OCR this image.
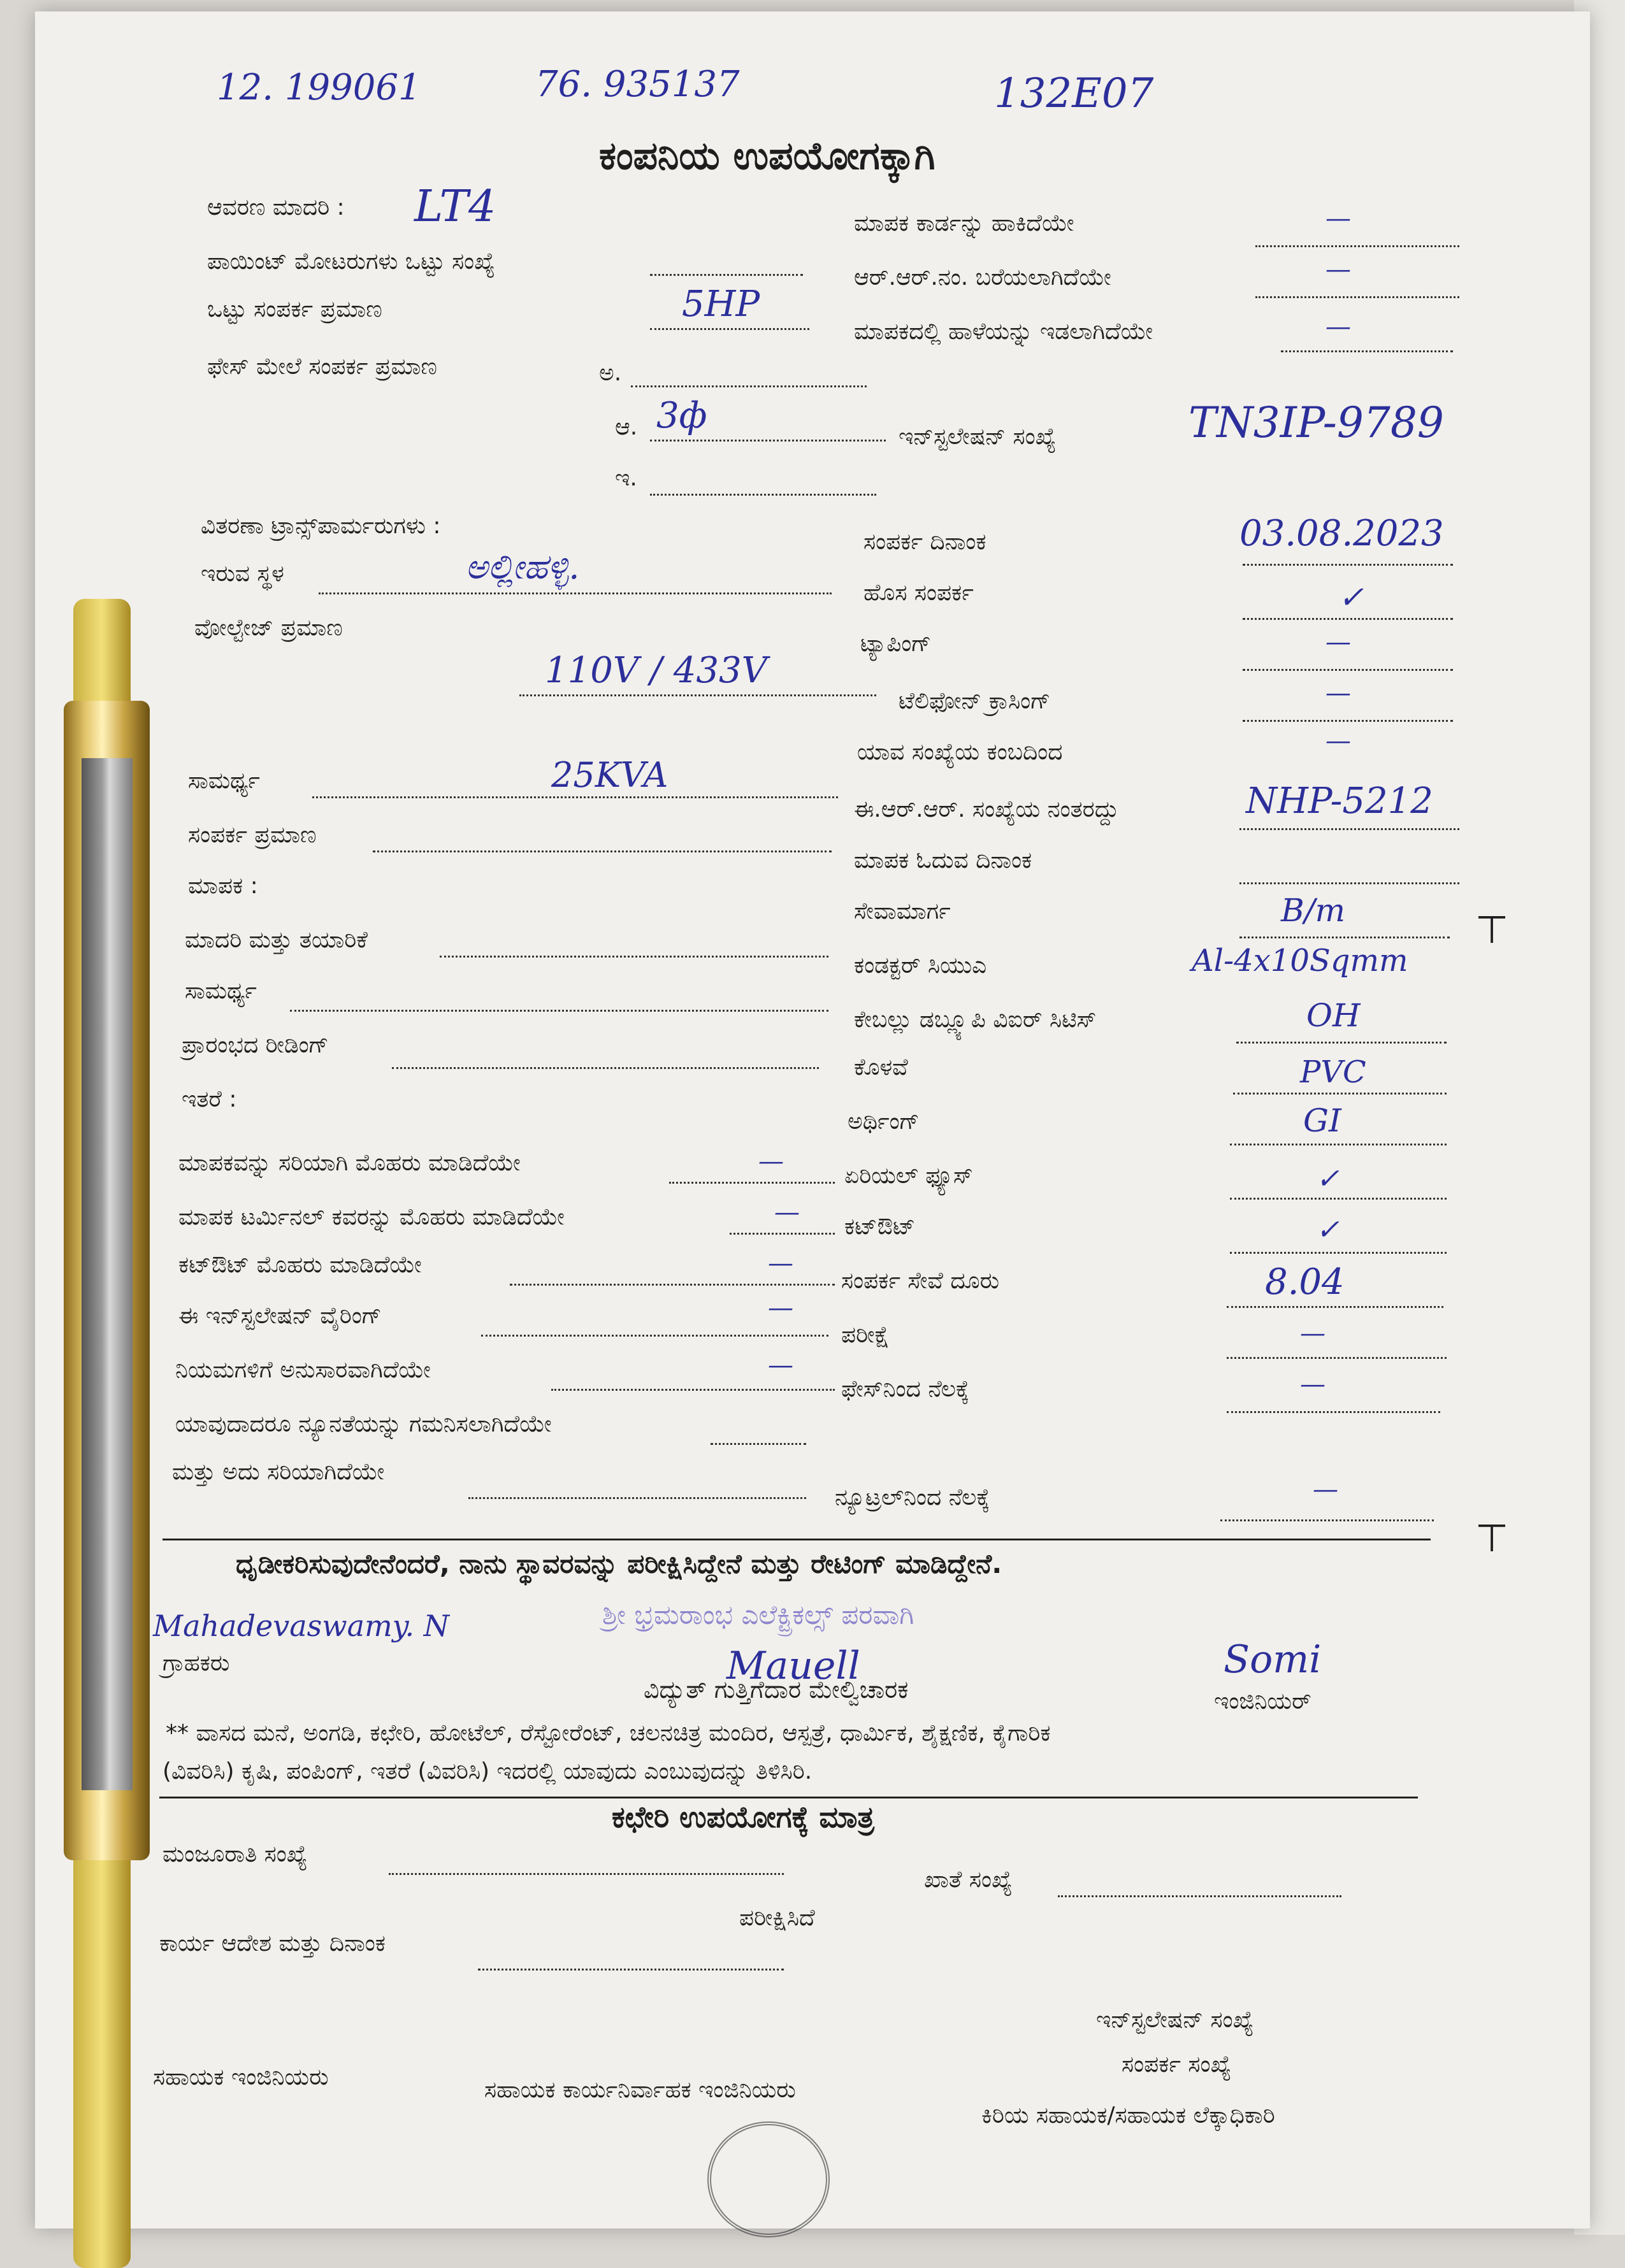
12. 199061	76. 935137	132E07
ಕಂಪನಿಯ ಉಪಯೋಗಕ್ಕಾಗಿ
ಆವರಣ ಮಾದರಿ : LT4
ಪಾಯಿಂಟ್ ಮೋಟರುಗಳು ಒಟ್ಟು ಸಂಖ್ಯೆ
ಒಟ್ಟು ಸಂಪರ್ಕ ಪ್ರಮಾಣ	5HP
ಫೇಸ್ ಮೇಲೆ ಸಂಪರ್ಕ ಪ್ರಮಾಣ	ಅ.
ಆ. 3ф
ಇ.
ವಿತರಣಾ ಟ್ರಾನ್ಸ್‌ಪಾರ್ಮರುಗಳು :
ಇರುವ ಸ್ಥಳ	ಅಲ್ಲೀಹಳ್ಳಿ.
ವೋಲ್ಟೇಜ್ ಪ್ರಮಾಣ
110V / 433V
ಸಾಮರ್ಥ್ಯ	25KVA
ಸಂಪರ್ಕ ಪ್ರಮಾಣ
ಮಾಪಕ :
ಮಾದರಿ ಮತ್ತು ತಯಾರಿಕೆ
ಸಾಮರ್ಥ್ಯ
ಪ್ರಾರಂಭದ ರೀಡಿಂಗ್
ಇತರೆ :
ಮಾಪಕವನ್ನು ಸರಿಯಾಗಿ ಮೊಹರು ಮಾಡಿದೆಯೇ	—
ಮಾಪಕ ಟರ್ಮಿನಲ್ ಕವರನ್ನು ಮೊಹರು ಮಾಡಿದೆಯೇ	—
ಕಟ್‌ಔಟ್ ಮೊಹರು ಮಾಡಿದೆಯೇ	—
ಈ ಇನ್‌ಸ್ಟಲೇಷನ್ ವೈರಿಂಗ್	—
ನಿಯಮಗಳಿಗೆ ಅನುಸಾರವಾಗಿದೆಯೇ	—
ಯಾವುದಾದರೂ ನ್ಯೂನತೆಯನ್ನು ಗಮನಿಸಲಾಗಿದೆಯೇ
ಮತ್ತು ಅದು ಸರಿಯಾಗಿದೆಯೇ
ಮಾಪಕ ಕಾರ್ಡನ್ನು ಹಾಕಿದೆಯೇ	—
ಆರ್.ಆರ್.ನಂ. ಬರೆಯಲಾಗಿದೆಯೇ	—
ಮಾಪಕದಲ್ಲಿ ಹಾಳೆಯನ್ನು ಇಡಲಾಗಿದೆಯೇ	—
ಇನ್‌ಸ್ಟಲೇಷನ್ ಸಂಖ್ಯೆ	TN3IP-9789
ಸಂಪರ್ಕ ದಿನಾಂಕ	03.08.2023
ಹೊಸ ಸಂಪರ್ಕ	✓
ಟ್ಯಾಪಿಂಗ್	—
ಟೆಲಿಫೋನ್ ಕ್ರಾಸಿಂಗ್	—
ಯಾವ ಸಂಖ್ಯೆಯ ಕಂಬದಿಂದ	—
ಈ.ಆರ್.ಆರ್. ಸಂಖ್ಯೆಯ ನಂತರದ್ದು	NHP-5212
ಮಾಪಕ ಓದುವ ದಿನಾಂಕ
ಸೇವಾಮಾರ್ಗ	B/m
ಕಂಡಕ್ಟರ್ ಸಿಯುಎ	Al-4x10Sqmm
ಕೇಬಲ್ಲು ಡಬ್ಲ್ಯೂಪಿ ವಿಐರ್ ಸಿಟಿಸ್	OH
ಕೊಳವೆ	PVC
ಅರ್ಥಿಂಗ್	GI
ಏರಿಯಲ್ ಫ್ಯೂಸ್	✓
ಕಟ್‌ಔಟ್	✓
ಸಂಪರ್ಕ ಸೇವೆ ದೂರು	8.04
ಪರೀಕ್ಷೆ	—
ಫೇಸ್‌ನಿಂದ ನೆಲಕ್ಕೆ	—
ನ್ಯೂಟ್ರಲ್‌ನಿಂದ ನೆಲಕ್ಕೆ	—
⊤
⊤
ಧೃಡೀಕರಿಸುವುದೇನೆಂದರೆ, ನಾನು ಸ್ಥಾವರವನ್ನು ಪರೀಕ್ಷಿಸಿದ್ದೇನೆ ಮತ್ತು ರೇಟಿಂಗ್ ಮಾಡಿದ್ದೇನೆ.
Mahadevaswamy. N
ಗ್ರಾಹಕರು
ಶ್ರೀ ಭ್ರಮರಾಂಭ ಎಲೆಕ್ಟ್ರಿಕಲ್ಸ್ ಪರವಾಗಿ
Mauell
ವಿದ್ಯುತ್ ಗುತ್ತಿಗೆದಾರ ಮೇಲ್ವಿಚಾರಕ
Somi
ಇಂಜಿನಿಯರ್
** ವಾಸದ ಮನೆ, ಅಂಗಡಿ, ಕಛೇರಿ, ಹೋಟೆಲ್, ರೆಸ್ಟೋರೆಂಟ್, ಚಲನಚಿತ್ರ ಮಂದಿರ, ಆಸ್ಪತ್ರೆ, ಧಾರ್ಮಿಕ, ಶೈಕ್ಷಣಿಕ, ಕೈಗಾರಿಕ
(ವಿವರಿಸಿ) ಕೃಷಿ, ಪಂಪಿಂಗ್, ಇತರೆ (ವಿವರಿಸಿ) ಇದರಲ್ಲಿ ಯಾವುದು ಎಂಬುವುದನ್ನು ತಿಳಿಸಿರಿ.
ಕಛೇರಿ ಉಪಯೋಗಕ್ಕೆ ಮಾತ್ರ
ಮಂಜೂರಾತಿ ಸಂಖ್ಯೆ
ಖಾತೆ ಸಂಖ್ಯೆ
ಪರೀಕ್ಷಿಸಿದೆ
ಕಾರ್ಯ ಆದೇಶ ಮತ್ತು ದಿನಾಂಕ
ಇನ್‌ಸ್ಟಲೇಷನ್ ಸಂಖ್ಯೆ
ಸಂಪರ್ಕ ಸಂಖ್ಯೆ
ಸಹಾಯಕ ಇಂಜಿನಿಯರು	ಸಹಾಯಕ ಕಾರ್ಯನಿರ್ವಾಹಕ ಇಂಜಿನಿಯರು
ಕಿರಿಯ ಸಹಾಯಕ/ಸಹಾಯಕ ಲೆಕ್ಕಾಧಿಕಾರಿ
